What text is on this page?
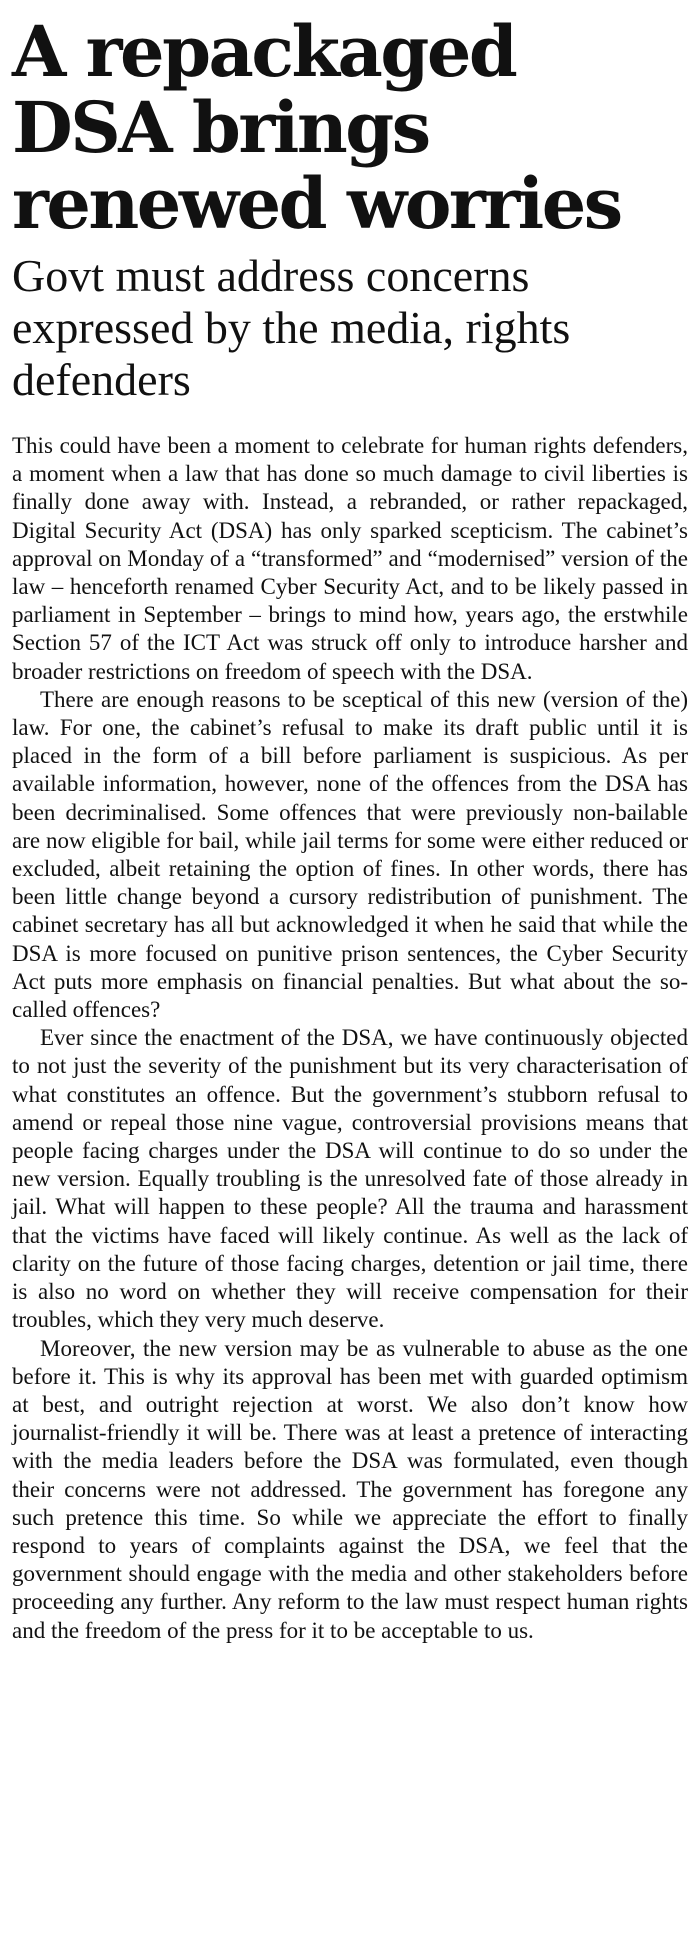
A repackaged DSA brings renewed worries
Govt must address concerns expressed by the media, rights defenders

This could have been a moment to celebrate for human rights defenders, a moment when a law that has done so much damage to civil liberties is finally done away with. Instead, a rebranded, or rather repackaged, Digital Security Act (DSA) has only sparked scepticism. The cabinet’s approval on Monday of a “transformed” and “modernised” version of the law – henceforth renamed Cyber Security Act, and to be likely passed in parliament in September – brings to mind how, years ago, the erstwhile Section 57 of the ICT Act was struck off only to introduce harsher and broader restrictions on freedom of speech with the DSA.

There are enough reasons to be sceptical of this new (version of the) law. For one, the cabinet’s refusal to make its draft public until it is placed in the form of a bill before parliament is suspicious. As per available information, however, none of the offences from the DSA has been decriminalised. Some offences that were previously non-bailable are now eligible for bail, while jail terms for some were either reduced or excluded, albeit retaining the option of fines. In other words, there has been little change beyond a cursory redistribution of punishment. The cabinet secretary has all but acknowledged it when he said that while the DSA is more focused on punitive prison sentences, the Cyber Security Act puts more emphasis on financial penalties. But what about the so-called offences?

Ever since the enactment of the DSA, we have continuously objected to not just the severity of the punishment but its very characterisation of what constitutes an offence. But the government’s stubborn refusal to amend or repeal those nine vague, controversial provisions means that people facing charges under the DSA will continue to do so under the new version. Equally troubling is the unresolved fate of those already in jail. What will happen to these people? All the trauma and harassment that the victims have faced will likely continue. As well as the lack of clarity on the future of those facing charges, detention or jail time, there is also no word on whether they will receive compensation for their troubles, which they very much deserve.

Moreover, the new version may be as vulnerable to abuse as the one before it. This is why its approval has been met with guarded optimism at best, and outright rejection at worst. We also don’t know how journalist-friendly it will be. There was at least a pretence of interacting with the media leaders before the DSA was formulated, even though their concerns were not addressed. The government has foregone any such pretence this time. So while we appreciate the effort to finally respond to years of complaints against the DSA, we feel that the government should engage with the media and other stakeholders before proceeding any further. Any reform to the law must respect human rights and the freedom of the press for it to be acceptable to us.
